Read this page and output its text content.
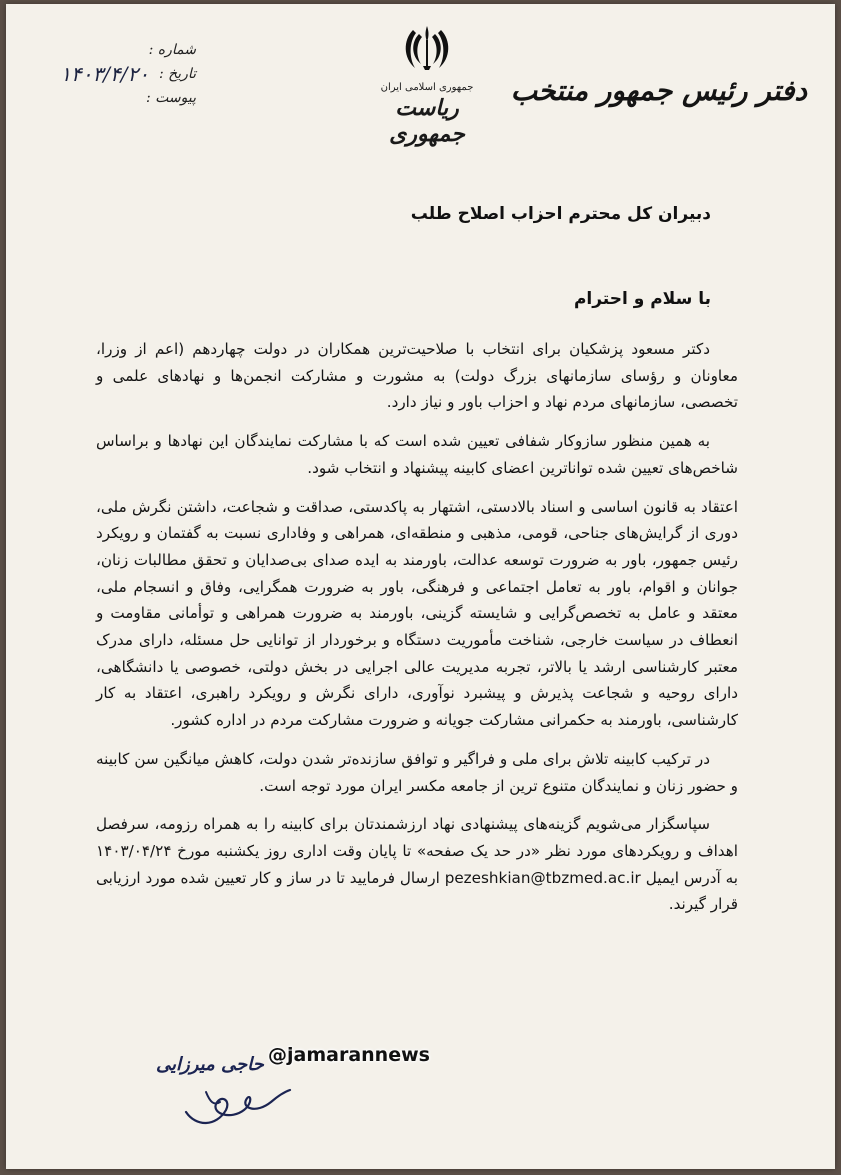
شماره :
تاریخ :
۱۴۰۳/۴/۲۰
پیوست :
جمهوری اسلامی ایران
ریاست جمهوری
دفتر رئیس جمهور منتخب
دبیران کل محترم احزاب اصلاح طلب
با سلام و احترام

دکتر مسعود پزشکیان برای انتخاب با صلاحیت‌ترین همکاران در دولت چهاردهم (اعم از وزرا، معاونان و رؤسای سازمانهای بزرگ دولت) به مشورت و مشارکت انجمن‌ها و نهادهای علمی و تخصصی، سازمانهای مردم نهاد و احزاب باور و نیاز دارد.

به همین منظور سازوکار شفافی تعیین شده است که با مشارکت نمایندگان این نهادها و براساس شاخص‌های تعیین شده تواناترین اعضای کابینه پیشنهاد و انتخاب شود.

اعتقاد به قانون اساسی و اسناد بالادستی، اشتهار به پاکدستی، صداقت و شجاعت، داشتن نگرش ملی، دوری از گرایش‌های جناحی، قومی، مذهبی و منطقه‌ای، همراهی و وفاداری نسبت به گفتمان و رویکرد رئیس جمهور، باور به ضرورت توسعه عدالت، باورمند به ایده صدای بی‌صدایان و تحقق مطالبات زنان، جوانان و اقوام، باور به تعامل اجتماعی و فرهنگی، باور به ضرورت همگرایی، وفاق و انسجام ملی، معتقد و عامل به تخصص‌گرایی و شایسته گزینی، باورمند به ضرورت همراهی و توأمانی مقاومت و انعطاف در سیاست خارجی، شناخت مأموریت دستگاه و برخوردار از توانایی حل مسئله، دارای مدرک معتبر کارشناسی ارشد یا بالاتر، تجربه مدیریت عالی اجرایی در بخش دولتی، خصوصی یا دانشگاهی، دارای روحیه و شجاعت پذیرش و پیشبرد نوآوری، دارای نگرش و رویکرد راهبری، اعتقاد به کار کارشناسی، باورمند به حکمرانی مشارکت جویانه و ضرورت مشارکت مردم در اداره کشور.

در ترکیب کابینه تلاش برای ملی و فراگیر و توافق سازنده‌تر شدن دولت، کاهش میانگین سن کابینه و حضور زنان و نمایندگان متنوع ترین از جامعه مکسر ایران مورد توجه است.

سپاسگزار می‌شویم گزینه‌های پیشنهادی نهاد ارزشمندتان برای کابینه را به همراه رزومه، سرفصل اهداف و رویکردهای مورد نظر «در حد یک صفحه» تا پایان وقت اداری روز یکشنبه مورخ ۱۴۰۳/۰۴/۲۴ به آدرس ایمیل pezeshkian@tbzmed.ac.ir ارسال فرمایید تا در ساز و کار تعیین شده مورد ارزیابی قرار گیرند.

حاجی میرزایی @jamarannews
